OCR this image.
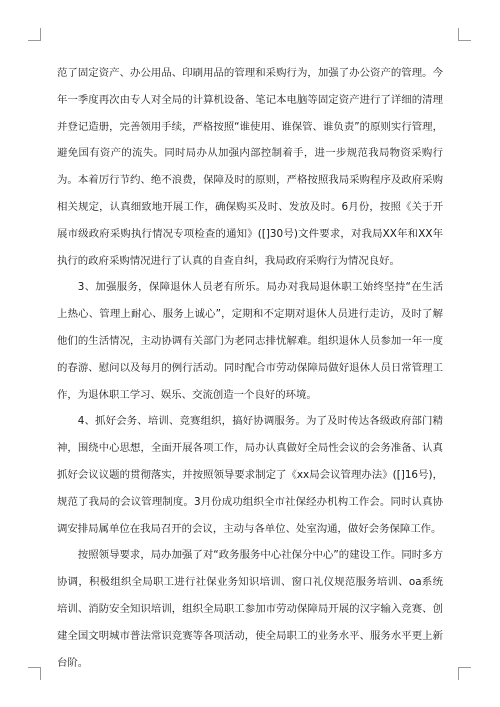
范了固定资产、办公用品、印刷用品的管理和采购行为，加强了办公资产的管理。今年一季度再次由专人对全局的计算机设备、笔记本电脑等固定资产进行了详细的清理并登记造册，完善领用手续，严格按照“谁使用、谁保管、谁负责”的原则实行管理，避免国有资产的流失。同时局办从加强内部控制着手，进一步规范我局物资采购行为。本着厉行节约、绝不浪费，保障及时的原则，严格按照我局采购程序及政府采购相关规定，认真细致地开展工作，确保购买及时、发放及时。6月份，按照《关于开展市级政府采购执行情况专项检查的通知》([]30号)文件要求，对我局XX年和XX年执行的政府采购情况进行了认真的自查自纠，我局政府采购行为情况良好。

3、加强服务，保障退休人员老有所乐。局办对我局退休职工始终坚持“在生活上热心、管理上耐心、服务上诚心”，定期和不定期对退休人员进行走访，及时了解他们的生活情况，主动协调有关部门为老同志排忧解难。组织退休人员参加一年一度的春游、慰问以及每月的例行活动。同时配合市劳动保障局做好退休人员日常管理工作，为退休职工学习、娱乐、交流创造一个良好的环境。

4、抓好会务、培训、竞赛组织，搞好协调服务。为了及时传达各级政府部门精神，围绕中心思想，全面开展各项工作，局办认真做好全局性会议的会务准备、认真抓好会议议题的贯彻落实，并按照领导要求制定了《xx局会议管理办法》([]16号)，规范了我局的会议管理制度。3月份成功组织全市社保经办机构工作会。同时认真协调安排局属单位在我局召开的会议，主动与各单位、处室沟通，做好会务保障工作。

按照领导要求，局办加强了对“政务服务中心社保分中心”的建设工作。同时多方协调，积极组织全局职工进行社保业务知识培训、窗口礼仪规范服务培训、oa系统培训、消防安全知识培训，组织全局职工参加市劳动保障局开展的汉字输入竞赛、创建全国文明城市普法常识竞赛等各项活动，使全局职工的业务水平、服务水平更上新台阶。
